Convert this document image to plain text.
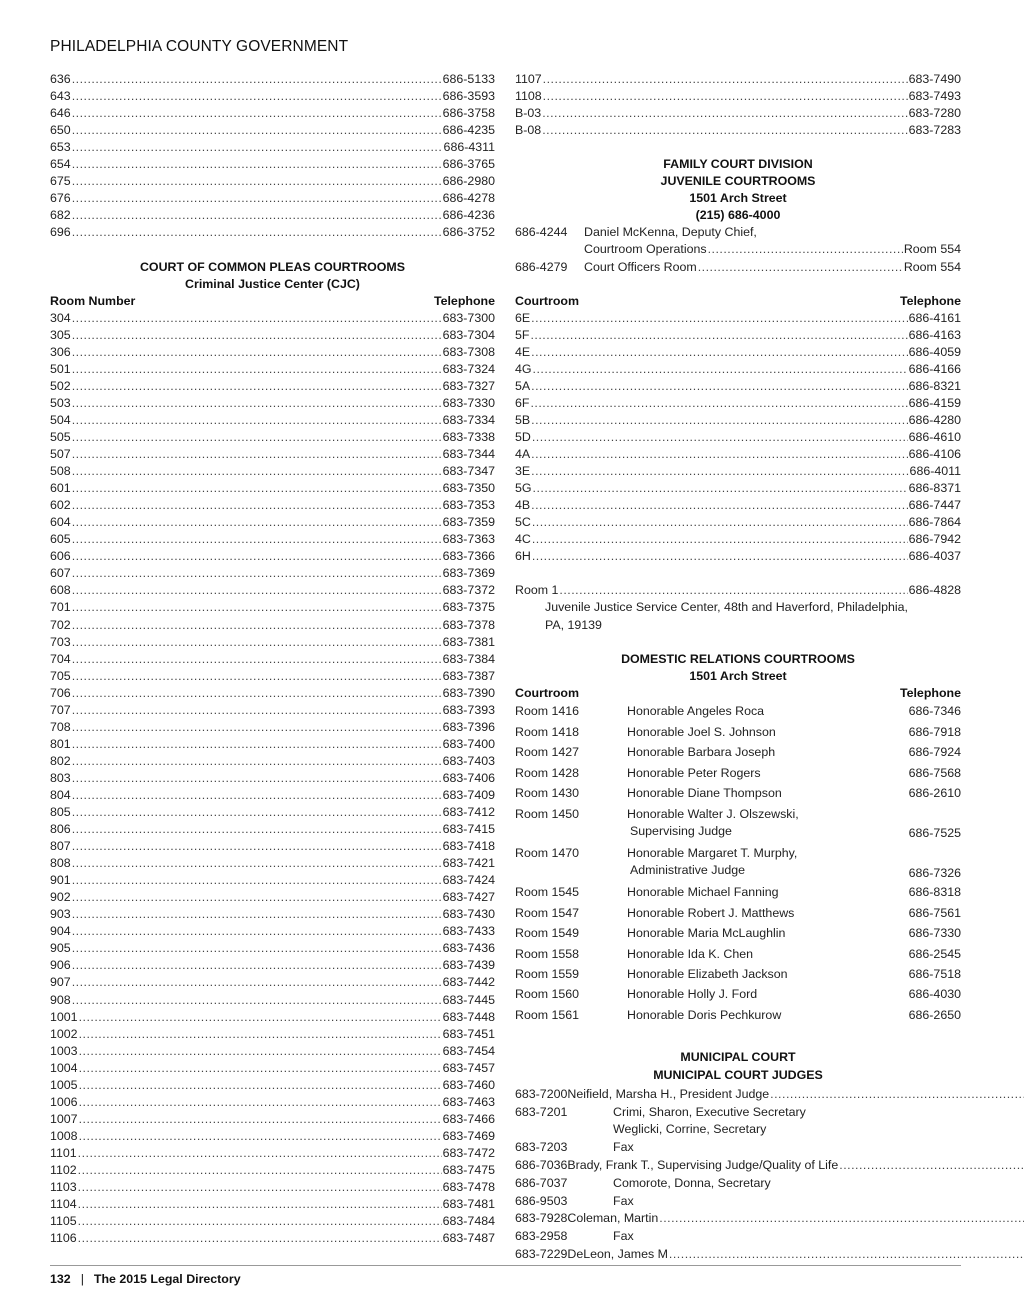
PHILADELPHIA COUNTY GOVERNMENT
636 .....	686-5133
643 .....	686-3593
646 .....	686-3758
650 .....	686-4235
653 .....	686-4311
654 .....	686-3765
675 .....	686-2980
676 .....	686-4278
682 .....	686-4236
696 .....	686-3752
COURT OF COMMON PLEAS COURTROOMS
Criminal Justice Center (CJC)
Room Number	Telephone
304 .....	683-7300
305 .....	683-7304
306 .....	683-7308
501 .....	683-7324
502 .....	683-7327
503 .....	683-7330
504 .....	683-7334
505 .....	683-7338
507 .....	683-7344
508 .....	683-7347
601 .....	683-7350
602 .....	683-7353
604 .....	683-7359
605 .....	683-7363
606 .....	683-7366
607 .....	683-7369
608 .....	683-7372
701 .....	683-7375
702 .....	683-7378
703 .....	683-7381
704 .....	683-7384
705 .....	683-7387
706 .....	683-7390
707 .....	683-7393
708 .....	683-7396
801 .....	683-7400
802 .....	683-7403
803 .....	683-7406
804 .....	683-7409
805 .....	683-7412
806 .....	683-7415
807 .....	683-7418
808 .....	683-7421
901 .....	683-7424
902 .....	683-7427
903 .....	683-7430
904 .....	683-7433
905 .....	683-7436
906 .....	683-7439
907 .....	683-7442
908 .....	683-7445
1001 .....	683-7448
1002 .....	683-7451
1003 .....	683-7454
1004 .....	683-7457
1005 .....	683-7460
1006 .....	683-7463
1007 .....	683-7466
1008 .....	683-7469
1101 .....	683-7472
1102 .....	683-7475
1103 .....	683-7478
1104 .....	683-7481
1105 .....	683-7484
1106 .....	683-7487
1107 .....	683-7490
1108 .....	683-7493
B-03 .....	683-7280
B-08 .....	683-7283
FAMILY COURT DIVISION
JUVENILE COURTROOMS
1501 Arch Street
(215) 686-4000
686-4244	Daniel McKenna, Deputy Chief,
Courtroom Operations .....	Room 554
686-4279	Court Officers Room .....	Room 554
Courtroom	Telephone
6E .....	686-4161
5F .....	686-4163
4E .....	686-4059
4G .....	686-4166
5A .....	686-8321
6F .....	686-4159
5B .....	686-4280
5D .....	686-4610
4A .....	686-4106
3E .....	686-4011
5G .....	686-8371
4B .....	686-7447
5C .....	686-7864
4C .....	686-7942
6H .....	686-4037
Room 1 .....	686-4828
Juvenile Justice Service Center, 48th and Haverford, Philadelphia,
PA, 19139
DOMESTIC RELATIONS COURTROOMS
1501 Arch Street
Courtroom	Telephone
Room 1416	Honorable Angeles Roca	686-7346
Room 1418	Honorable Joel S. Johnson	686-7918
Room 1427	Honorable Barbara Joseph	686-7924
Room 1428	Honorable Peter Rogers	686-7568
Room 1430	Honorable Diane Thompson	686-2610
Room 1450	Honorable Walter J. Olszewski,
Supervising Judge	686-7525
Room 1470	Honorable Margaret T. Murphy,
Administrative Judge	686-7326
Room 1545	Honorable Michael Fanning	686-8318
Room 1547	Honorable Robert J. Matthews	686-7561
Room 1549	Honorable Maria McLaughlin	686-7330
Room 1558	Honorable Ida K. Chen	686-2545
Room 1559	Honorable Elizabeth Jackson	686-7518
Room 1560	Honorable Holly J. Ford	686-4030
Room 1561	Honorable Doris Pechkurow	686-2650
MUNICIPAL COURT
MUNICIPAL COURT JUDGES
683-7200 Neifield, Marsha H., President Judge
.....
683-7201	Crimi, Sharon, Executive Secretary
Weglicki, Corrine, Secretary
683-7203	Fax
686-7036 Brady, Frank T., Supervising Judge/Quality of Life
.....
686-7037	Comorote, Donna, Secretary
686-9503	Fax
683-7928 Coleman, Martin
.....
683-2958	Fax
683-7229 DeLeon, James M
.....
132 | The 2015 Legal Directory
